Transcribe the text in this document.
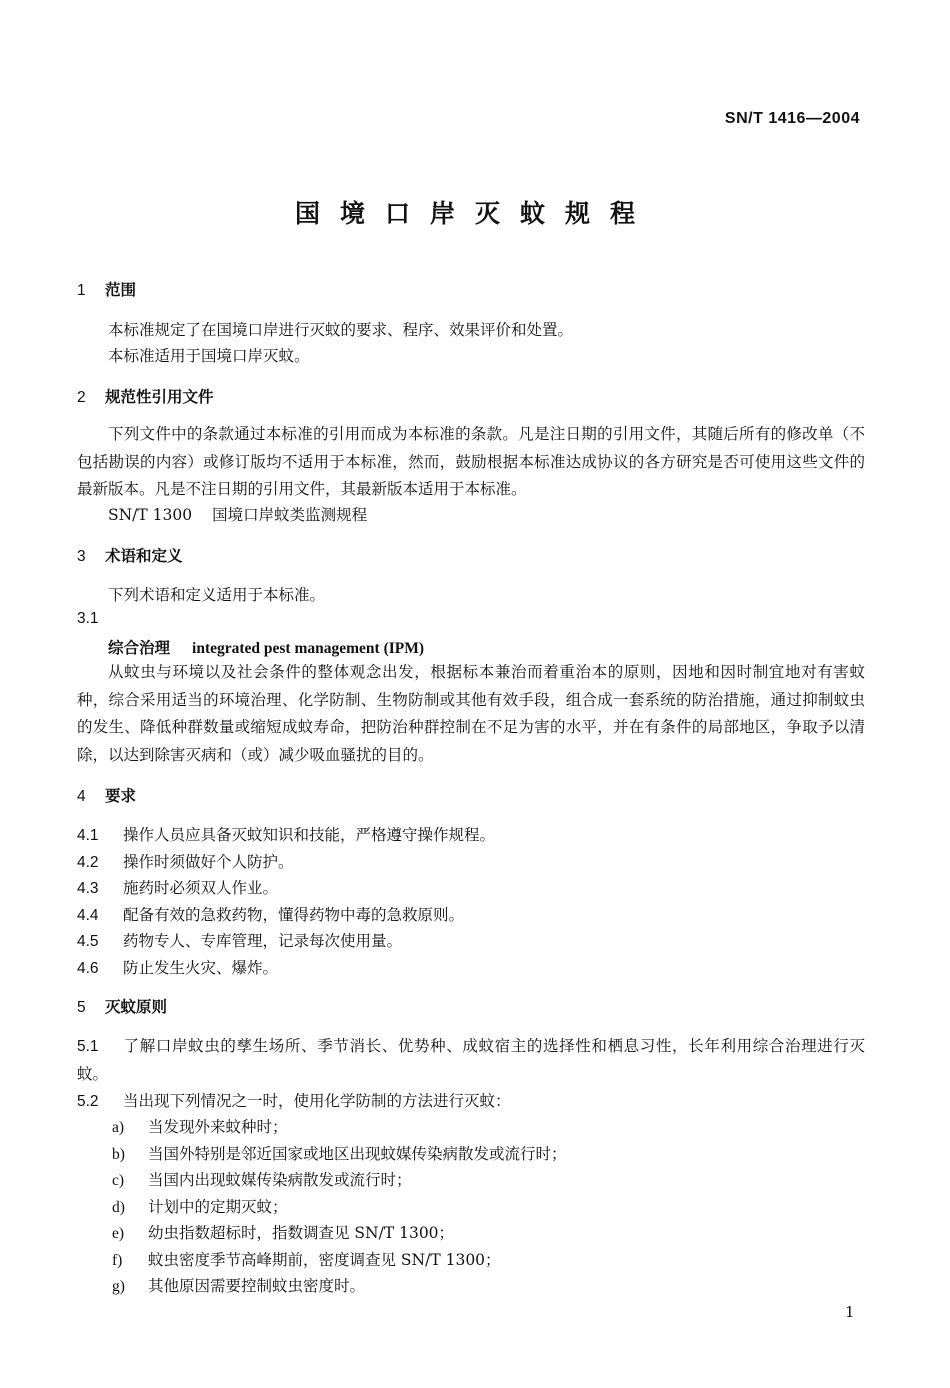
SN/T 1416—2004
国境口岸灭蚊规程
1 范围
本标准规定了在国境口岸进行灭蚊的要求、程序、效果评价和处置。
本标准适用于国境口岸灭蚊。
2 规范性引用文件
下列文件中的条款通过本标准的引用而成为本标准的条款。凡是注日期的引用文件，其随后所有的修改单（不包括勘误的内容）或修订版均不适用于本标准，然而，鼓励根据本标准达成协议的各方研究是否可使用这些文件的最新版本。凡是不注日期的引用文件，其最新版本适用于本标准。
SN/T 1300 国境口岸蚊类监测规程
3 术语和定义
下列术语和定义适用于本标准。
3.1
综合治理 integrated pest management (IPM)
从蚊虫与环境以及社会条件的整体观念出发，根据标本兼治而着重治本的原则，因地和因时制宜地对有害蚊种，综合采用适当的环境治理、化学防制、生物防制或其他有效手段，组合成一套系统的防治措施，通过抑制蚊虫的发生、降低种群数量或缩短成蚊寿命，把防治种群控制在不足为害的水平，并在有条件的局部地区，争取予以清除，以达到除害灭病和（或）减少吸血骚扰的目的。
4 要求
4.1 操作人员应具备灭蚊知识和技能，严格遵守操作规程。
4.2 操作时须做好个人防护。
4.3 施药时必须双人作业。
4.4 配备有效的急救药物，懂得药物中毒的急救原则。
4.5 药物专人、专库管理，记录每次使用量。
4.6 防止发生火灾、爆炸。
5 灭蚊原则
5.1 了解口岸蚊虫的孳生场所、季节消长、优势种、成蚊宿主的选择性和栖息习性，长年利用综合治理进行灭蚊。
5.2 当出现下列情况之一时，使用化学防制的方法进行灭蚊：
a) 当发现外来蚊种时；
b) 当国外特别是邻近国家或地区出现蚊媒传染病散发或流行时；
c) 当国内出现蚊媒传染病散发或流行时；
d) 计划中的定期灭蚊；
e) 幼虫指数超标时，指数调查见 SN/T 1300；
f) 蚊虫密度季节高峰期前，密度调查见 SN/T 1300；
g) 其他原因需要控制蚊虫密度时。
1
